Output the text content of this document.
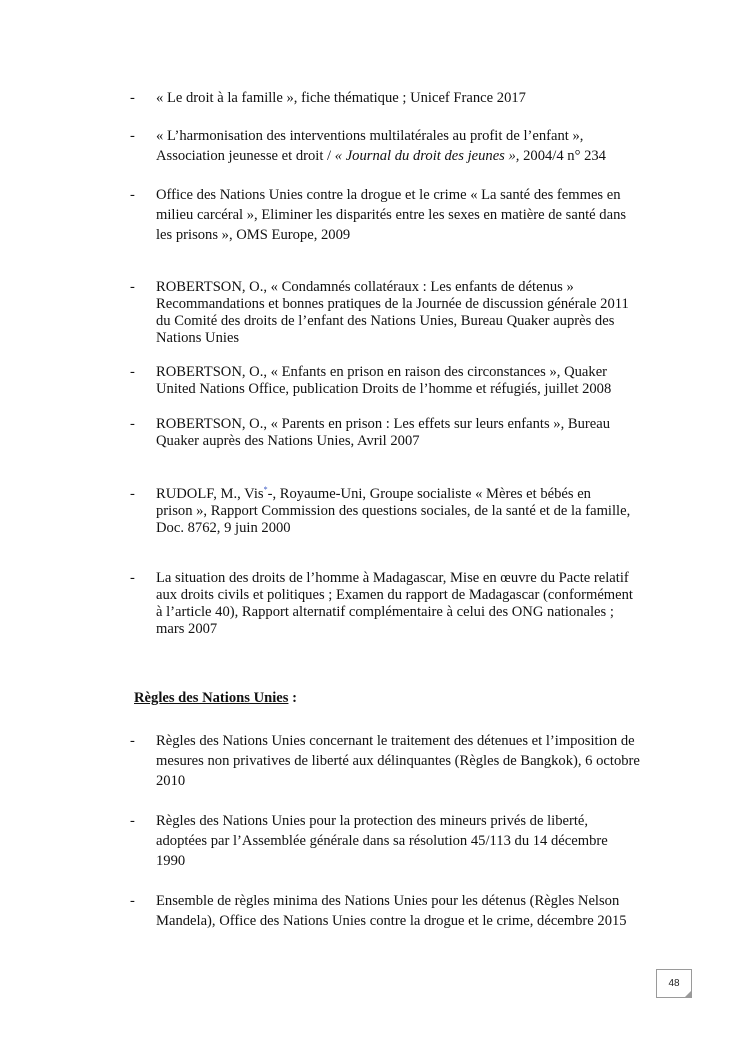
- « Le droit à la famille », fiche thématique ; Unicef France 2017
- « L’harmonisation des interventions multilatérales au profit de l’enfant »,
Association jeunesse et droit / « Journal du droit des jeunes », 2004/4 n° 234
- Office des Nations Unies contre la drogue et le crime « La santé des femmes en
milieu carcéral », Eliminer les disparités entre les sexes en matière de santé dans
les prisons », OMS Europe, 2009
- ROBERTSON, O., « Condamnés collatéraux : Les enfants de détenus »
Recommandations et bonnes pratiques de la Journée de discussion générale 2011
du Comité des droits de l’enfant des Nations Unies, Bureau Quaker auprès des
Nations Unies
- ROBERTSON, O., « Enfants en prison en raison des circonstances », Quaker
United Nations Office, publication Droits de l’homme et réfugiés, juillet 2008
- ROBERTSON, O., « Parents en prison : Les effets sur leurs enfants », Bureau
Quaker auprès des Nations Unies, Avril 2007
- RUDOLF, M., Vis*-, Royaume-Uni, Groupe socialiste « Mères et bébés en
prison », Rapport Commission des questions sociales, de la santé et de la famille,
Doc. 8762, 9 juin 2000
- La situation des droits de l’homme à Madagascar, Mise en œuvre du Pacte relatif
aux droits civils et politiques ; Examen du rapport de Madagascar (conformément
à l’article 40), Rapport alternatif complémentaire à celui des ONG nationales ;
mars 2007
Règles des Nations Unies :
- Règles des Nations Unies concernant le traitement des détenues et l’imposition de
mesures non privatives de liberté aux délinquantes (Règles de Bangkok), 6 octobre
2010
- Règles des Nations Unies pour la protection des mineurs privés de liberté,
adoptées par l’Assemblée générale dans sa résolution 45/113 du 14 décembre
1990
- Ensemble de règles minima des Nations Unies pour les détenus (Règles Nelson
Mandela), Office des Nations Unies contre la drogue et le crime, décembre 2015
48
